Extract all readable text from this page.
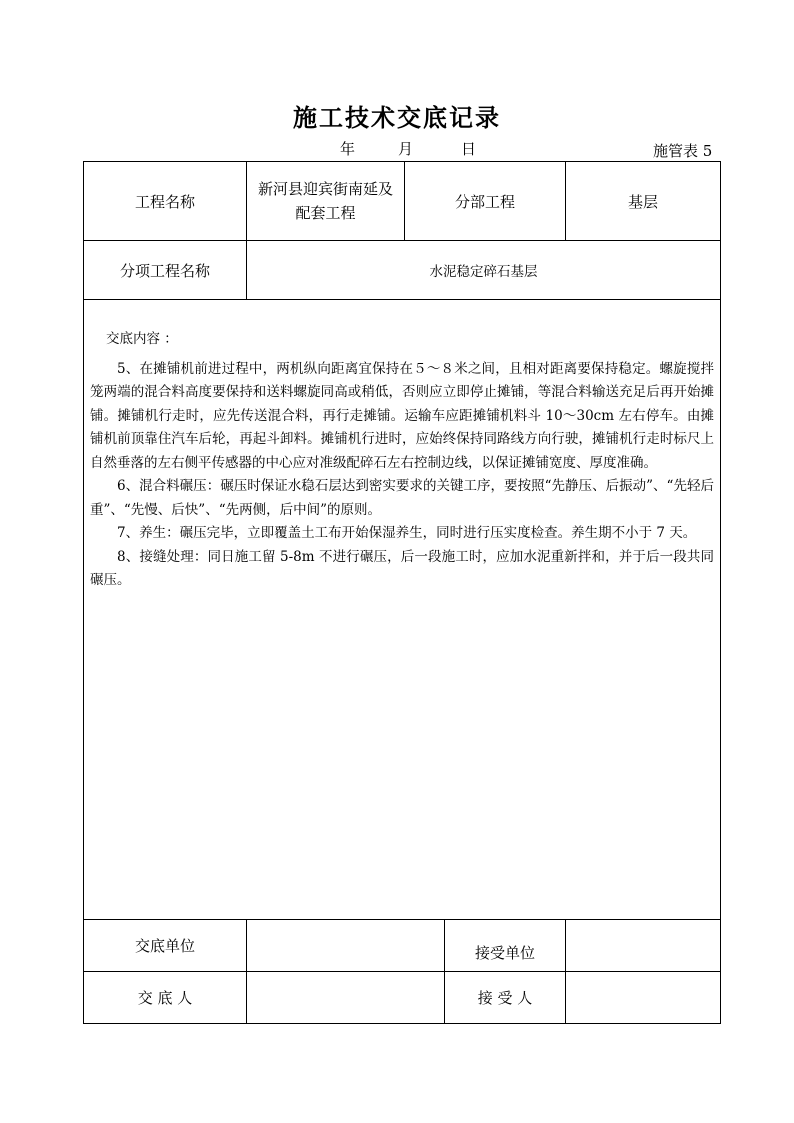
施工技术交底记录
年	月	日	施管表 5
工程名称	新河县迎宾街南延及配套工程	分部工程		基层
分项工程名称	水泥稳定碎石基层			

交底内容 ：

5、在摊铺机前进过程中，两机纵向距离宜保持在５～８米之间，且相对距离要保持稳定。螺旋搅拌笼两端的混合料高度要保持和送料螺旋同高或稍低，否则应立即停止摊铺，等混合料输送充足后再开始摊铺。摊铺机行走时，应先传送混合料，再行走摊铺。运输车应距摊铺机料斗 10～30cm 左右停车。由摊铺机前顶靠住汽车后轮，再起斗卸料。摊铺机行进时，应始终保持同路线方向行驶，摊铺机行走时标尺上自然垂落的左右侧平传感器的中心应对准级配碎石左右控制边线，以保证摊铺宽度、厚度准确。

6、混合料碾压：碾压时保证水稳石层达到密实要求的关键工序，要按照“先静压、后振动”、“先轻后重”、“先慢、后快”、“先两侧，后中间”的原则。

7、养生：碾压完毕，立即覆盖土工布开始保湿养生，同时进行压实度检查。养生期不小于 7 天。

8、接缝处理：同日施工留 5-8m 不进行碾压，后一段施工时，应加水泥重新拌和，并于后一段共同碾压。				

交底单位			接受单位	
交 底 人			接 受 人	
